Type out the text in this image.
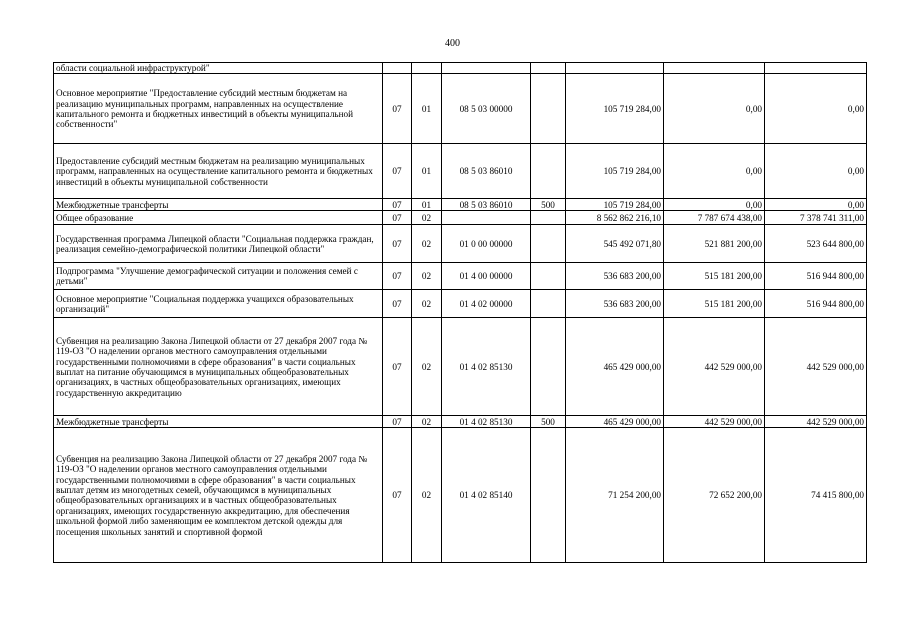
400
области социальной инфраструктурой"							
Основное мероприятие "Предоставление субсидий местным бюджетам на реализацию муниципальных программ, направленных на осуществление капитального ремонта и бюджетных инвестиций в объекты муниципальной собственности"	07	01	08 5 03 00000		105 719 284,00	0,00	0,00
Предоставление субсидий местным бюджетам на реализацию муниципальных программ, направленных на осуществление капитального ремонта и бюджетных инвестиций в объекты муниципальной собственности	07	01	08 5 03 86010		105 719 284,00	0,00	0,00
Межбюджетные трансферты	07	01	08 5 03 86010	500	105 719 284,00	0,00	0,00
Общее образование	07	02			8 562 862 216,10	7 787 674 438,00	7 378 741 311,00
Государственная программа Липецкой области "Социальная поддержка граждан, реализация семейно-демографической политики Липецкой области"	07	02	01 0 00 00000		545 492 071,80	521 881 200,00	523 644 800,00
Подпрограмма "Улучшение демографической ситуации и положения семей с детьми"	07	02	01 4 00 00000		536 683 200,00	515 181 200,00	516 944 800,00
Основное мероприятие "Социальная поддержка учащихся образовательных организаций"	07	02	01 4 02 00000		536 683 200,00	515 181 200,00	516 944 800,00
Субвенция на реализацию Закона Липецкой области от 27 декабря 2007 года № 119-ОЗ "О наделении органов местного самоуправления отдельными государственными полномочиями в сфере образования" в части социальных выплат на питание обучающимся в муниципальных общеобразовательных организациях, в частных общеобразовательных организациях, имеющих государственную аккредитацию	07	02	01 4 02 85130		465 429 000,00	442 529 000,00	442 529 000,00
Межбюджетные трансферты	07	02	01 4 02 85130	500	465 429 000,00	442 529 000,00	442 529 000,00
Субвенция на реализацию Закона Липецкой области от 27 декабря 2007 года № 119-ОЗ "О наделении органов местного самоуправления отдельными государственными полномочиями в сфере образования" в части социальных выплат детям из многодетных семей, обучающимся в муниципальных общеобразовательных организациях и в частных общеобразовательных организациях, имеющих государственную аккредитацию, для обеспечения школьной формой либо заменяющим ее комплектом детской одежды для посещения школьных занятий и спортивной формой	07	02	01 4 02 85140		71 254 200,00	72 652 200,00	74 415 800,00
